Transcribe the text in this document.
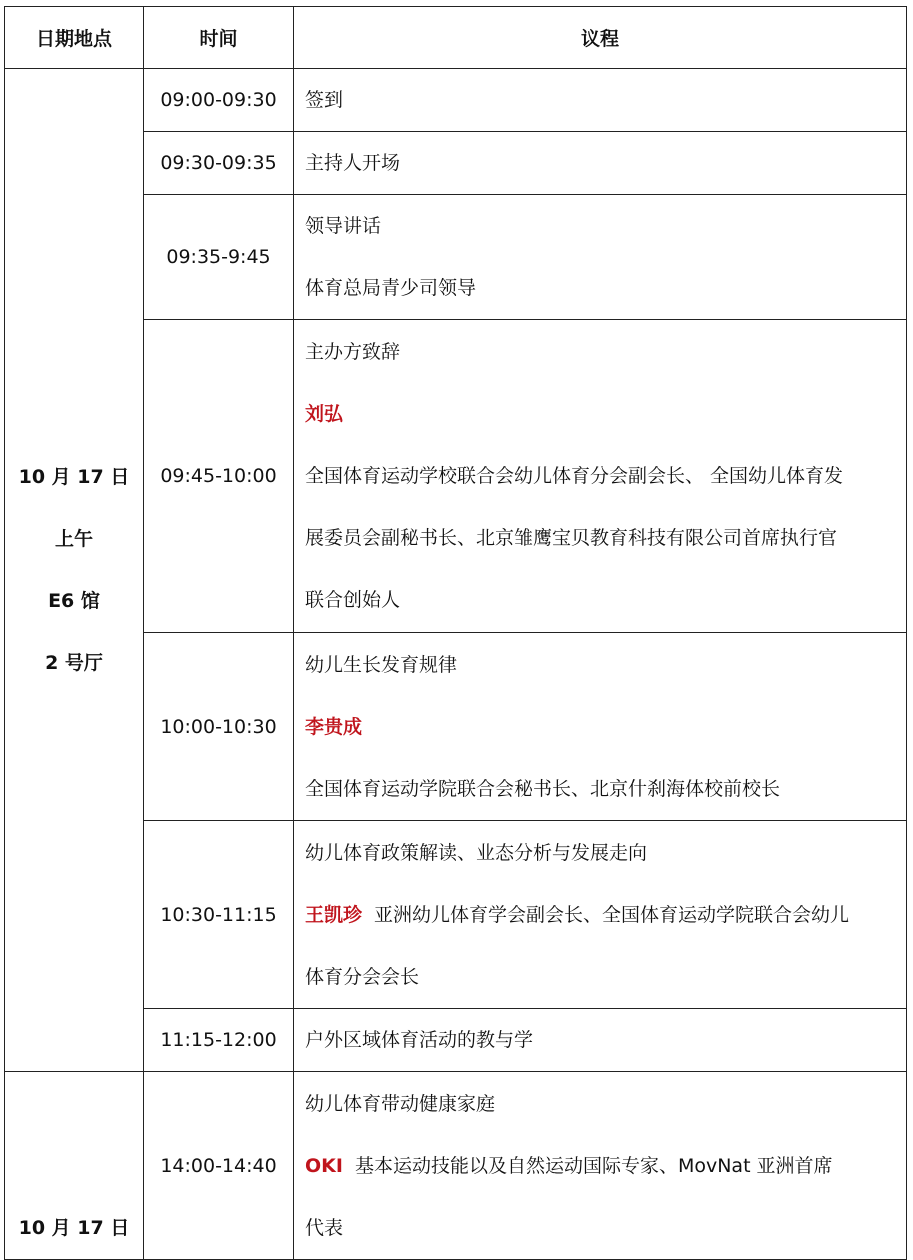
日期地点	时间	议程

10 月 17 日
上午
E6 馆
2 号厅	09:00-09:30	签到

	09:30-09:35	主持人开场

	09:35-9:45	领导讲话
体育总局青少司领导

	09:45-10:00	主办方致辞
刘弘
全国体育运动学校联合会幼儿体育分会副会长、 全国幼儿体育发
展委员会副秘书长、北京雏鹰宝贝教育科技有限公司首席执行官
联合创始人

	10:00-10:30	幼儿生长发育规律
李贵成
全国体育运动学院联合会秘书长、北京什刹海体校前校长

	10:30-11:15	幼儿体育政策解读、业态分析与发展走向
王凯珍 亚洲幼儿体育学会副会长、全国体育运动学院联合会幼儿
体育分会会长

	11:15-12:00	户外区域体育活动的教与学

10 月 17 日	14:00-14:40	幼儿体育带动健康家庭
OKI 基本运动技能以及自然运动国际专家、MovNat 亚洲首席
代表
